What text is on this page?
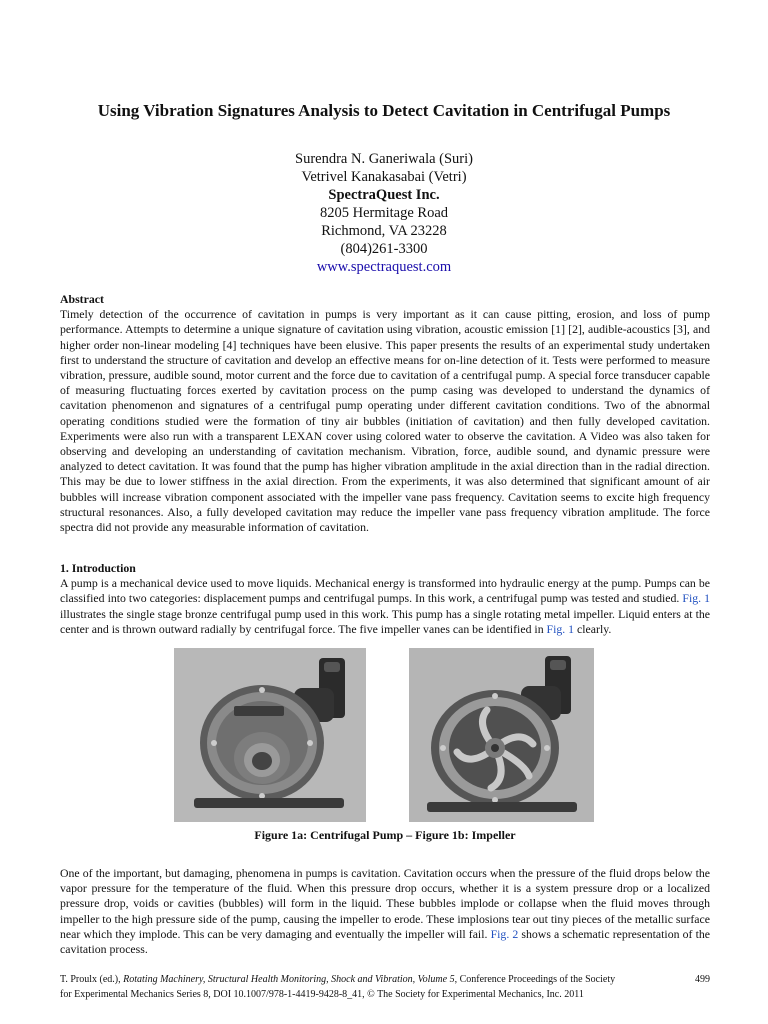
Using Vibration Signatures Analysis to Detect Cavitation in Centrifugal Pumps
Surendra N. Ganeriwala (Suri)
Vetrivel Kanakasabai (Vetri)
SpectraQuest Inc.
8205 Hermitage Road
Richmond, VA 23228
(804)261-3300
www.spectraquest.com
Abstract
Timely detection of the occurrence of cavitation in pumps is very important as it can cause pitting, erosion, and loss of pump performance. Attempts to determine a unique signature of cavitation using vibration, acoustic emission [1] [2], audible-acoustics [3], and higher order non-linear modeling [4] techniques have been elusive. This paper presents the results of an experimental study undertaken first to understand the structure of cavitation and develop an effective means for on-line detection of it. Tests were performed to measure vibration, pressure, audible sound, motor current and the force due to cavitation of a centrifugal pump. A special force transducer capable of measuring fluctuating forces exerted by cavitation process on the pump casing was developed to understand the dynamics of cavitation phenomenon and signatures of a centrifugal pump operating under different cavitation conditions. Two of the abnormal operating conditions studied were the formation of tiny air bubbles (initiation of cavitation) and then fully developed cavitation. Experiments were also run with a transparent LEXAN cover using colored water to observe the cavitation. A Video was also taken for observing and developing an understanding of cavitation mechanism. Vibration, force, audible sound, and dynamic pressure were analyzed to detect cavitation. It was found that the pump has higher vibration amplitude in the axial direction than in the radial direction. This may be due to lower stiffness in the axial direction. From the experiments, it was also determined that significant amount of air bubbles will increase vibration component associated with the impeller vane pass frequency. Cavitation seems to excite high frequency structural resonances. Also, a fully developed cavitation may reduce the impeller vane pass frequency vibration amplitude. The force spectra did not provide any measurable information of cavitation.
1. Introduction
A pump is a mechanical device used to move liquids. Mechanical energy is transformed into hydraulic energy at the pump. Pumps can be classified into two categories: displacement pumps and centrifugal pumps. In this work, a centrifugal pump was tested and studied. Fig. 1 illustrates the single stage bronze centrifugal pump used in this work. This pump has a single rotating metal impeller. Liquid enters at the center and is thrown outward radially by centrifugal force. The five impeller vanes can be identified in Fig. 1 clearly.
Figure 1a: Centrifugal Pump – Figure 1b: Impeller
One of the important, but damaging, phenomena in pumps is cavitation. Cavitation occurs when the pressure of the fluid drops below the vapor pressure for the temperature of the fluid. When this pressure drop occurs, whether it is a system pressure drop or a localized pressure drop, voids or cavities (bubbles) will form in the liquid. These bubbles implode or collapse when the fluid moves through impeller to the high pressure side of the pump, causing the impeller to erode. These implosions tear out tiny pieces of the metallic surface near which they implode. This can be very damaging and eventually the impeller will fail. Fig. 2 shows a schematic representation of the cavitation process.
T. Proulx (ed.), Rotating Machinery, Structural Health Monitoring, Shock and Vibration, Volume 5, Conference Proceedings of the Society
for Experimental Mechanics Series 8, DOI 10.1007/978-1-4419-9428-8_41, © The Society for Experimental Mechanics, Inc. 2011
499
